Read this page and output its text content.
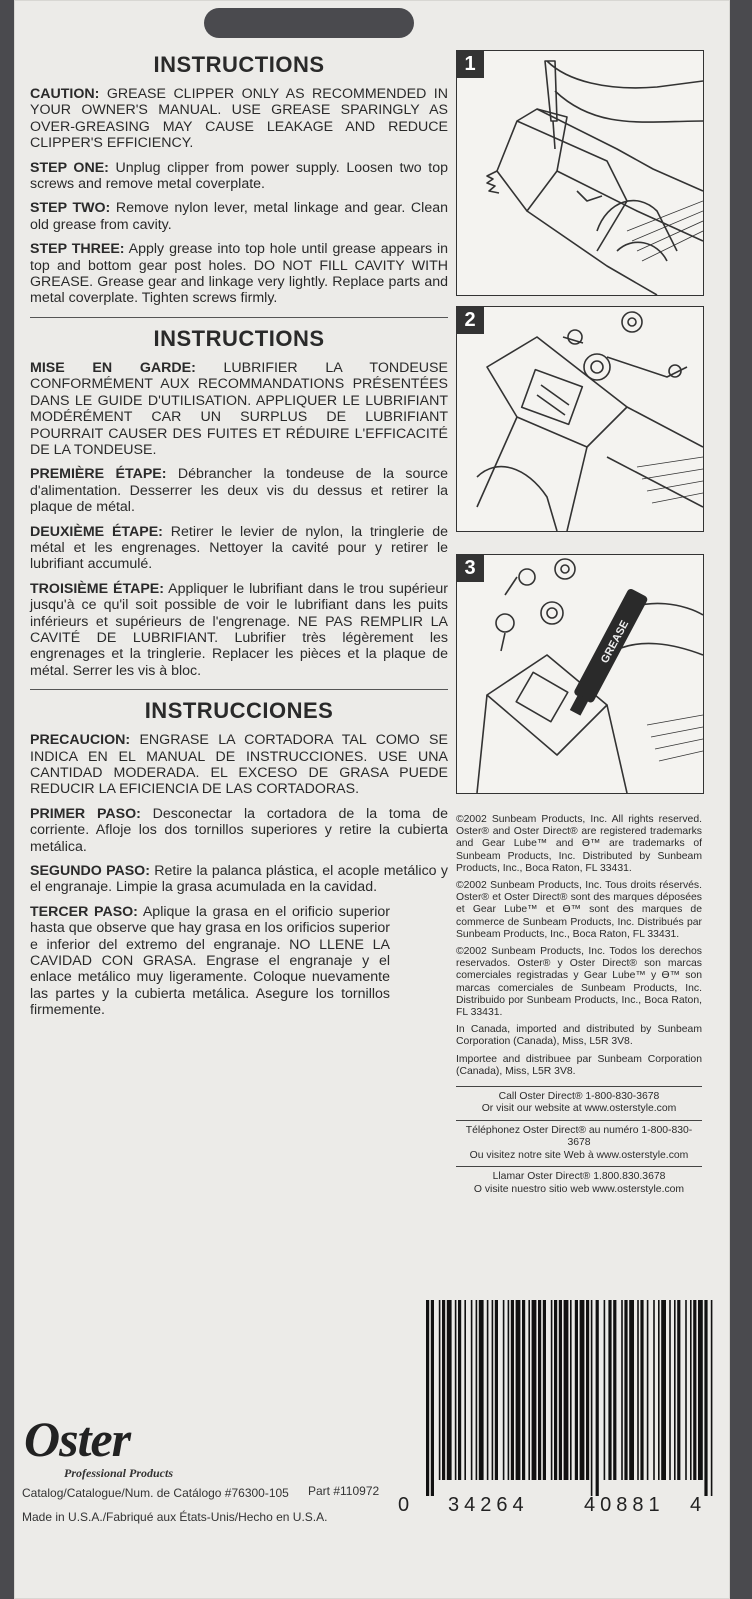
INSTRUCTIONS

CAUTION: GREASE CLIPPER ONLY AS RECOMMENDED IN YOUR OWNER'S MANUAL. USE GREASE SPARINGLY AS OVER-GREASING MAY CAUSE LEAKAGE AND REDUCE CLIPPER'S EFFICIENCY.

STEP ONE: Unplug clipper from power supply. Loosen two top screws and remove metal coverplate.

STEP TWO: Remove nylon lever, metal linkage and gear. Clean old grease from cavity.

STEP THREE: Apply grease into top hole until grease appears in top and bottom gear post holes. DO NOT FILL CAVITY WITH GREASE. Grease gear and linkage very lightly. Replace parts and metal coverplate. Tighten screws firmly.

INSTRUCTIONS

MISE EN GARDE: LUBRIFIER LA TONDEUSE CONFORMÉMENT AUX RECOMMANDATIONS PRÉSENTÉES DANS LE GUIDE D'UTILISATION. APPLIQUER LE LUBRIFIANT MODÉRÉMENT CAR UN SURPLUS DE LUBRIFIANT POURRAIT CAUSER DES FUITES ET RÉDUIRE L'EFFICACITÉ DE LA TONDEUSE.

PREMIÈRE ÉTAPE: Débrancher la tondeuse de la source d'alimentation. Desserrer les deux vis du dessus et retirer la plaque de métal.

DEUXIÈME ÉTAPE: Retirer le levier de nylon, la tringlerie de métal et les engrenages. Nettoyer la cavité pour y retirer le lubrifiant accumulé.

TROISIÈME ÉTAPE: Appliquer le lubrifiant dans le trou supérieur jusqu'à ce qu'il soit possible de voir le lubrifiant dans les puits inférieurs et supérieurs de l'engrenage. NE PAS REMPLIR LA CAVITÉ DE LUBRIFIANT. Lubrifier très légèrement les engrenages et la tringlerie. Replacer les pièces et la plaque de métal. Serrer les vis à bloc.

INSTRUCCIONES

PRECAUCION: ENGRASE LA CORTADORA TAL COMO SE INDICA EN EL MANUAL DE INSTRUCCIONES. USE UNA CANTIDAD MODERADA. EL EXCESO DE GRASA PUEDE REDUCIR LA EFICIENCIA DE LAS CORTADORAS.

PRIMER PASO: Desconectar la cortadora de la toma de corriente. Afloje los dos tornillos superiores y retire la cubierta metálica.

SEGUNDO PASO: Retire la palanca plástica, el acople metálico y el engranaje. Limpie la grasa acumulada en la cavidad.

TERCER PASO: Aplique la grasa en el orificio superior hasta que observe que hay grasa en los orificios superior e inferior del extremo del engranaje. NO LLENE LA CAVIDAD CON GRASA. Engrase el engranaje y el enlace metálico muy ligeramente. Coloque nuevamente las partes y la cubierta metálica. Asegure los tornillos firmemente.

1
2
3
GREASE

©2002 Sunbeam Products, Inc. All rights reserved. Oster® and Oster Direct® are registered trademarks and Gear Lube™ and ϴ™ are trademarks of Sunbeam Products, Inc. Distributed by Sunbeam Products, Inc., Boca Raton, FL 33431.

©2002 Sunbeam Products, Inc. Tous droits réservés. Oster® et Oster Direct® sont des marques déposées et Gear Lube™ et ϴ™ sont des marques de commerce de Sunbeam Products, Inc. Distribués par Sunbeam Products, Inc., Boca Raton, FL 33431.

©2002 Sunbeam Products, Inc. Todos los derechos reservados. Oster® y Oster Direct® son marcas comerciales registradas y Gear Lube™ y ϴ™ son marcas comerciales de Sunbeam Products, Inc. Distribuido por Sunbeam Products, Inc., Boca Raton, FL 33431.

In Canada, imported and distributed by Sunbeam Corporation (Canada), Miss, L5R 3V8.

Importee and distribuee par Sunbeam Corporation (Canada), Miss, L5R 3V8.

Call Oster Direct® 1-800-830-3678

Or visit our website at www.osterstyle.com

Téléphonez Oster Direct® au numéro 1-800-830-3678

Ou visitez notre site Web à www.osterstyle.com

Llamar Oster Direct® 1.800.830.3678

O visite nuestro sitio web www.osterstyle.com

0 34264	40881 4
Oster
Professional Products
Catalog/Catalogue/Num. de Catálogo #76300-105 Part #110972
Made in U.S.A./Fabriqué aux États-Unis/Hecho en U.S.A.
